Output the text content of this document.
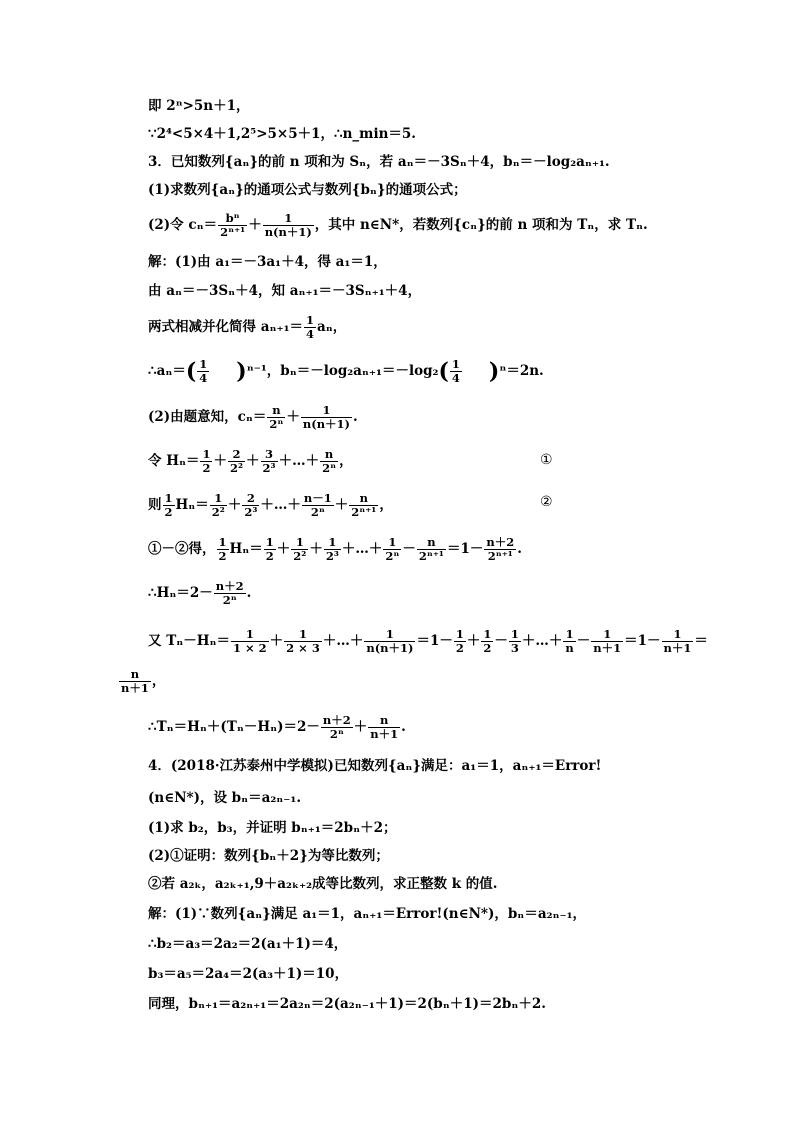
即 2ⁿ>5n＋1，
∵2⁴<5×4＋1,2⁵>5×5＋1，∴n_min＝5.
3．已知数列{aₙ}的前 n 项和为 Sₙ，若 aₙ＝－3Sₙ＋4，bₙ＝－log₂aₙ₊₁.
(1)求数列{aₙ}的通项公式与数列{bₙ}的通项公式；
(2)令 $c_n= \frac{\text{bⁿ}}{\text{2ⁿ⁺¹}} + \frac{1}{n(n+1)}$ ，其中 n∈N*，若数列{cₙ}的前 n 项和为 Tₙ，求 Tₙ.
解：(1)由 a₁＝－3a₁＋4，得 a₁＝1，
由 aₙ＝－3Sₙ＋4，知 aₙ₊₁＝－3Sₙ₊₁＋4，
两式相减并化简得 $a_{n+1}= \frac{1}{4}$ aₙ，
∴aₙ＝( $\frac{1}{4} )^{n-1}$，$b_n=-\log_2a_{n+1}=-\log_2( \frac{1}{4} )^n=2n$.
(2)由题意知，$c_n= \frac{n}{\text{2ⁿ}} + \frac{1}{n(n+1)}$ .
令 $H_n= \frac{1}{2} + \frac{2}{\text{2²}} + \frac{3}{\text{2³}}$ ＋…＋ $\frac{n}{\text{2ⁿ}}$ ，	①
则 $\frac{1}{2} H_n= \frac{1}{\text{2²}} + \frac{2}{\text{2³}}$ ＋…＋ $\frac{n-1}{\text{2ⁿ}} + \frac{n}{\text{2ⁿ⁺¹}}$ ，	②
①－②得， $\frac{1}{2} H_n= \frac{1}{2} + \frac{1}{\text{2²}} + \frac{1}{\text{2³}}$ ＋…＋ $\frac{1}{\text{2ⁿ}} - \frac{n}{\text{2ⁿ⁺¹}} =1- \frac{n+2}{\text{2ⁿ⁺¹}}$ .
∴Hₙ＝2－ $\frac{n+2}{\text{2ⁿ}}$ .
又 $T_n-H_n= \frac{1}{1 \times 2} + \frac{1}{2 \times 3}$ ＋…＋ $\frac{1}{n(n+1)} =1- \frac{1}{2} + \frac{1}{2} - \frac{1}{3}$ ＋…＋ $\frac{1}{n} - \frac{1}{n+1} =1- \frac{1}{n+1}$ ＝
$\frac{n}{n+1}$ ，
∴Tₙ＝Hₙ＋(Tₙ－Hₙ)＝2－ $\frac{n+2}{\text{2ⁿ}} + \frac{n}{n+1}$ .
4．(2018·江苏泰州中学模拟)已知数列{aₙ}满足：a₁＝1，aₙ₊₁＝Error!
(n∈N*)，设 bₙ＝a₂ₙ₋₁.
(1)求 b₂，b₃，并证明 bₙ₊₁＝2bₙ＋2；
(2)①证明：数列{bₙ＋2}为等比数列；
②若 a₂ₖ，a₂ₖ₊₁,9＋a₂ₖ₊₂成等比数列，求正整数 k 的值.
解：(1)∵数列{aₙ}满足 a₁＝1，aₙ₊₁＝Error!(n∈N*)，bₙ＝a₂ₙ₋₁，
∴b₂＝a₃＝2a₂＝2(a₁＋1)＝4，
b₃＝a₅＝2a₄＝2(a₃＋1)＝10，
同理，bₙ₊₁＝a₂ₙ₊₁＝2a₂ₙ＝2(a₂ₙ₋₁＋1)＝2(bₙ＋1)＝2bₙ＋2.
